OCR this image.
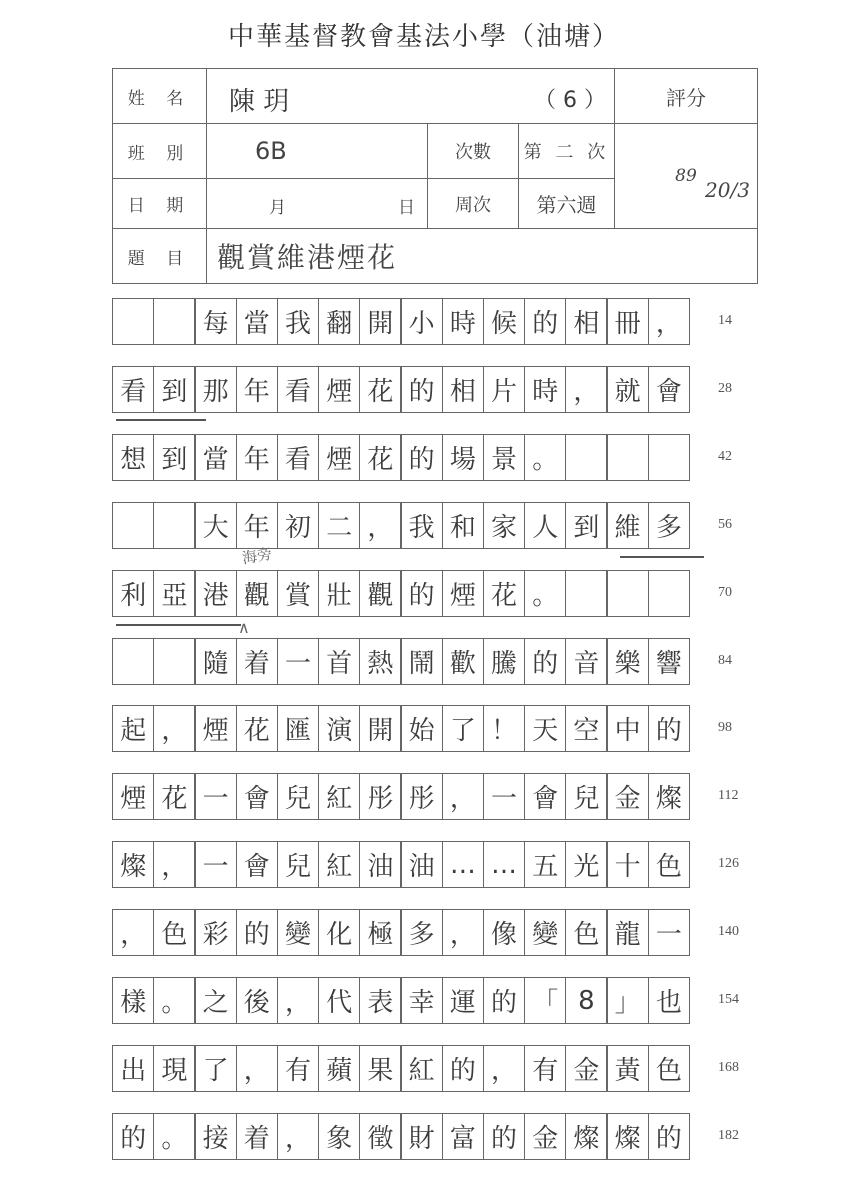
中華基督教會基法小學（油塘）
姓 名	陳 玥 （ 6 ）			評分
班 別	6B	次數	第 二 次	89
日 期	月 日	周次	第六週	
題 目	觀賞維港煙花			
20/3
每 當 我 翻 開 小 時 候 的 相 冊 ，	14
看 到 那 年 看 煙 花 的 相 片 時 ， 就 會	28
想 到 當 年 看 煙 花 的 場 景 。	42
大 年 初 二 ， 我 和 家 人 到 維 多	56
利 亞 港 觀 賞 壯 觀 的 煙 花 。	70
隨 着 一 首 熱 鬧 歡 騰 的 音 樂 響	84
起 ， 煙 花 匯 演 開 始 了 ！ 天 空 中 的	98
煙 花 一 會 兒 紅 彤 彤 ， 一 會 兒 金 燦	112
燦 ， 一 會 兒 紅 油 油 … … 五 光 十 色	126
， 色 彩 的 變 化 極 多 ， 像 變 色 龍 一	140
樣 。 之 後 ， 代 表 幸 運 的 「 8 」 也	154
出 現 了 ， 有 蘋 果 紅 的 ， 有 金 黃 色	168
的 。 接 着 ， 象 徵 財 富 的 金 燦 燦 的	182
海旁
∧
